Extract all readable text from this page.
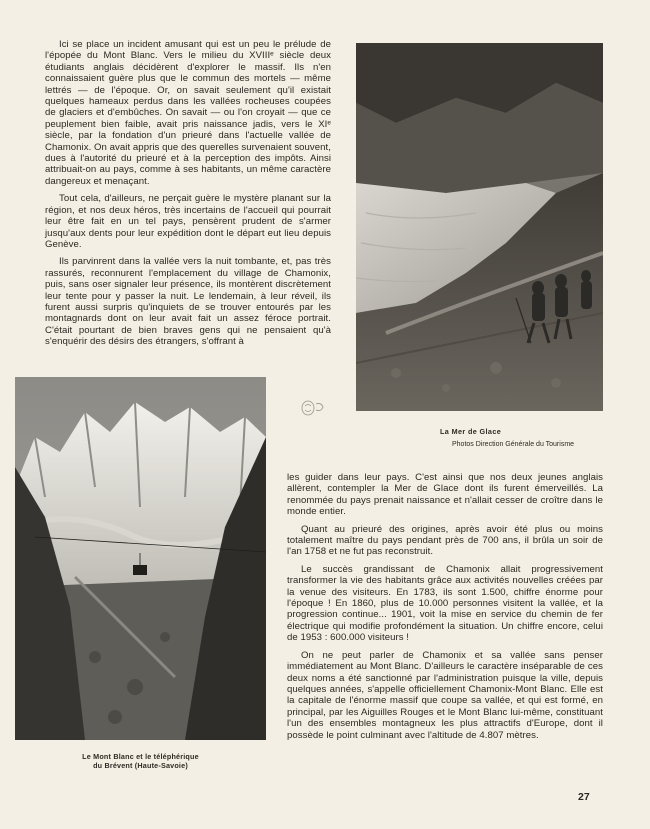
Ici se place un incident amusant qui est un peu le prélude de l'épopée du Mont Blanc. Vers le milieu du XVIIIᵉ siècle deux étudiants anglais décidèrent d'explorer le massif. Ils n'en connaissaient guère plus que le commun des mortels — même lettrés — de l'époque. Or, on savait seulement qu'il existait quelques hameaux perdus dans les vallées rocheuses coupées de glaciers et d'embûches. On savait — ou l'on croyait — que ce peuplement bien faible, avait pris naissance jadis, vers le XIᵉ siècle, par la fondation d'un prieuré dans l'actuelle vallée de Chamonix. On avait appris que des querelles survenaient souvent, dues à l'autorité du prieuré et à la perception des impôts. Ainsi attribuait-on au pays, comme à ses habitants, un même caractère dangereux et menaçant.

Tout cela, d'ailleurs, ne perçait guère le mystère planant sur la région, et nos deux héros, très incertains de l'accueil qui pourrait leur être fait en un tel pays, pensèrent prudent de s'armer jusqu'aux dents pour leur expédition dont le départ eut lieu depuis Genève.

Ils parvinrent dans la vallée vers la nuit tombante, et, pas très rassurés, reconnurent l'emplacement du village de Chamonix, puis, sans oser signaler leur présence, ils montèrent discrètement leur tente pour y passer la nuit. Le lendemain, à leur réveil, ils furent aussi surpris qu'inquiets de se trouver entourés par les montagnards dont on leur avait fait un assez féroce portrait. C'était pourtant de bien braves gens qui ne pensaient qu'à s'enquérir des désirs des étrangers, s'offrant à

La Mer de Glace
Photos Direction Générale du Tourisme
Le Mont Blanc et le téléphérique
du Brévent (Haute-Savoie)

les guider dans leur pays. C'est ainsi que nos deux jeunes anglais allèrent, contempler la Mer de Glace dont ils furent émerveillés. La renommée du pays prenait naissance et n'allait cesser de croître dans le monde entier.

Quant au prieuré des origines, après avoir été plus ou moins totalement maître du pays pendant près de 700 ans, il brûla un soir de l'an 1758 et ne fut pas reconstruit.

Le succès grandissant de Chamonix allait progressivement transformer la vie des habitants grâce aux activités nouvelles créées par la venue des visiteurs. En 1783, ils sont 1.500, chiffre énorme pour l'époque ! En 1860, plus de 10.000 personnes visitent la vallée, et la progression continue... 1901, voit la mise en service du chemin de fer électrique qui modifie profondément la situation. Un chiffre encore, celui de 1953 : 600.000 visiteurs !

On ne peut parler de Chamonix et sa vallée sans penser immédiatement au Mont Blanc. D'ailleurs le caractère inséparable de ces deux noms a été sanctionné par l'administration puisque la ville, depuis quelques années, s'appelle officiellement Chamonix-Mont Blanc. Elle est la capitale de l'énorme massif que coupe sa vallée, et qui est formé, en principal, par les Aiguilles Rouges et le Mont Blanc lui-même, constituant l'un des ensembles montagneux les plus attractifs d'Europe, dont il possède le point culminant avec l'altitude de 4.807 mètres.

27
